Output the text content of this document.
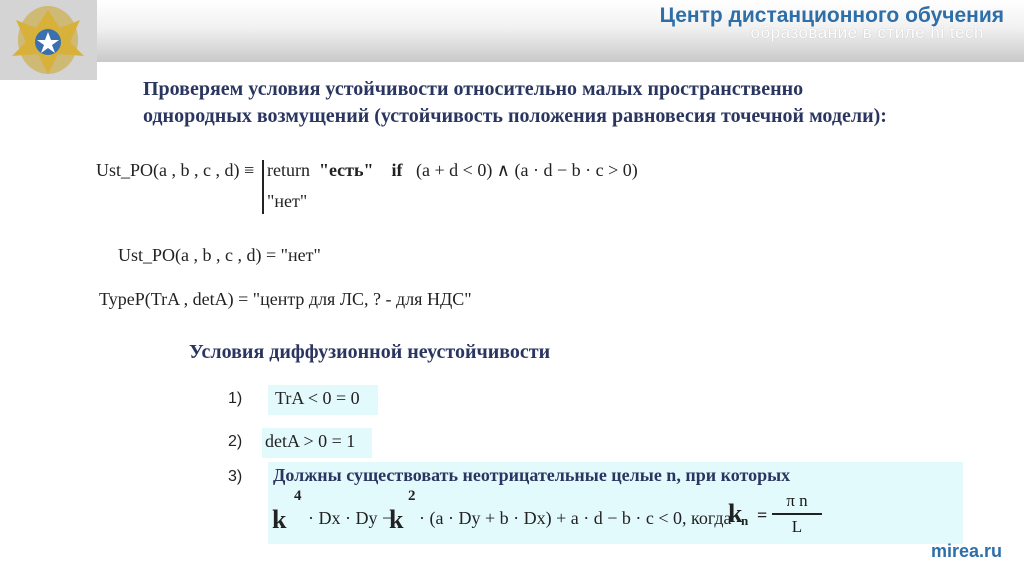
Центр дистанционного обучения
образование в стиле hi tech
Проверяем условия устойчивости относительно малых пространственно
однородных возмущений (устойчивость положения равновесия точечной модели):
Ust_PO(a , b , c , d) ≡ return "есть" if (a + d < 0) ∧ (a · d − b · c > 0)
"нет"
Ust_PO(a , b , c , d) = "нет"
TypeP(TrA , detA) = "центр для ЛС, ? - для НДС"
Условия диффузионной неустойчивости
1) TrA < 0 = 0
2) detA > 0 = 1
3) Должны существовать неотрицательные целые n, при которых
k
4
· Dx · Dy −
k
2
· (a · Dy + b · Dx) + a · d − b · c < 0, когда
k
n =
π n
L
mirea.ru
